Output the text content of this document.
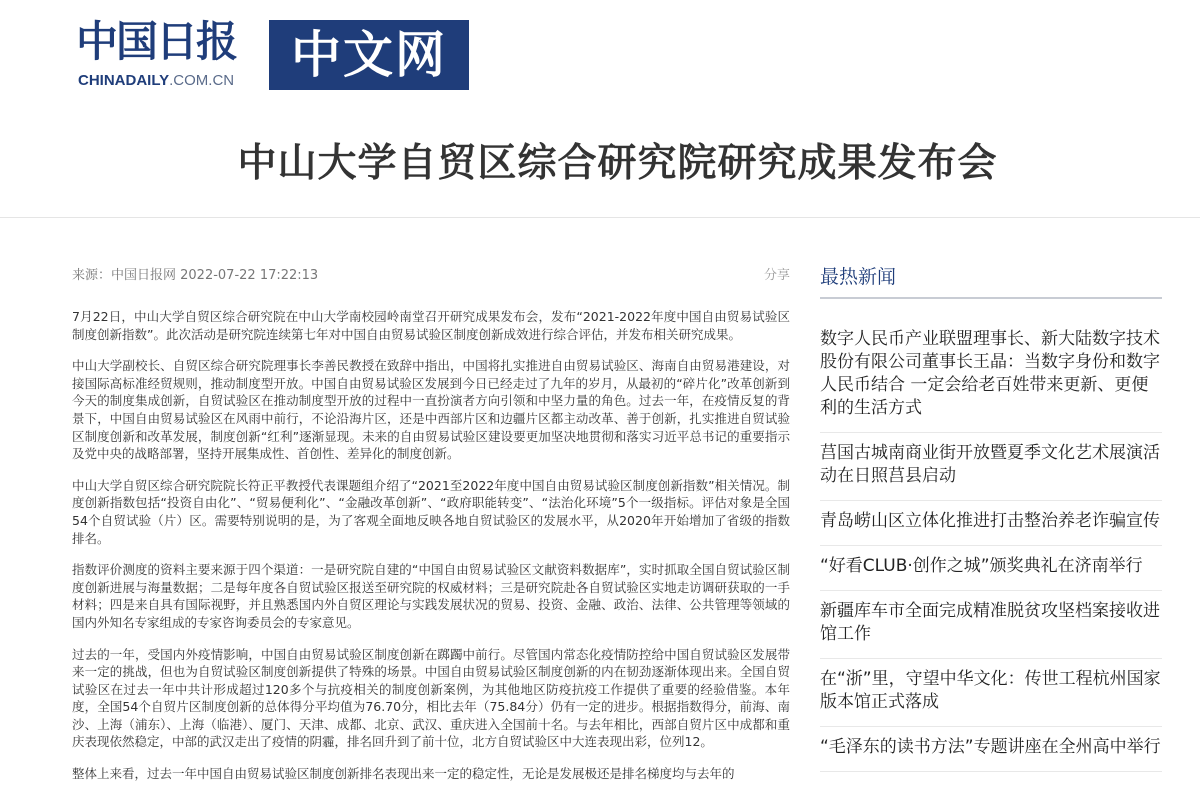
中国日报
CHINADAILY.COM.CN	中文网
中山大学自贸区综合研究院研究成果发布会
来源：中国日报网 2022-07-22 17:22:13	分享

7月22日，中山大学自贸区综合研究院在中山大学南校园岭南堂召开研究成果发布会，发布“2021-2022年度中国自由贸易试验区制度创新指数”。此次活动是研究院连续第七年对中国自由贸易试验区制度创新成效进行综合评估，并发布相关研究成果。

中山大学副校长、自贸区综合研究院理事长李善民教授在致辞中指出，中国将扎实推进自由贸易试验区、海南自由贸易港建设，对接国际高标准经贸规则，推动制度型开放。中国自由贸易试验区发展到今日已经走过了九年的岁月，从最初的“碎片化”改革创新到今天的制度集成创新，自贸试验区在推动制度型开放的过程中一直扮演者方向引领和中坚力量的角色。过去一年，在疫情反复的背景下，中国自由贸易试验区在风雨中前行，不论沿海片区，还是中西部片区和边疆片区都主动改革、善于创新，扎实推进自贸试验区制度创新和改革发展，制度创新“红利”逐渐显现。未来的自由贸易试验区建设要更加坚决地贯彻和落实习近平总书记的重要指示及党中央的战略部署，坚持开展集成性、首创性、差异化的制度创新。

中山大学自贸区综合研究院院长符正平教授代表课题组介绍了“2021至2022年度中国自由贸易试验区制度创新指数”相关情况。制度创新指数包括“投资自由化”、“贸易便利化”、“金融改革创新”、“政府职能转变”、“法治化环境”5个一级指标。评估对象是全国54个自贸试验（片）区。需要特别说明的是，为了客观全面地反映各地自贸试验区的发展水平，从2020年开始增加了省级的指数排名。

指数评价测度的资料主要来源于四个渠道：一是研究院自建的“中国自由贸易试验区文献资料数据库”，实时抓取全国自贸试验区制度创新进展与海量数据；二是每年度各自贸试验区报送至研究院的权威材料；三是研究院赴各自贸试验区实地走访调研获取的一手材料；四是来自具有国际视野，并且熟悉国内外自贸区理论与实践发展状况的贸易、投资、金融、政治、法律、公共管理等领域的国内外知名专家组成的专家咨询委员会的专家意见。

过去的一年，受国内外疫情影响，中国自由贸易试验区制度创新在踯躅中前行。尽管国内常态化疫情防控给中国自贸试验区发展带来一定的挑战，但也为自贸试验区制度创新提供了特殊的场景。中国自由贸易试验区制度创新的内在韧劲逐渐体现出来。全国自贸试验区在过去一年中共计形成超过120多个与抗疫相关的制度创新案例，为其他地区防疫抗疫工作提供了重要的经验借鉴。本年度，全国54个自贸片区制度创新的总体得分平均值为76.70分，相比去年（75.84分）仍有一定的进步。根据指数得分，前海、南沙、上海（浦东）、上海（临港）、厦门、天津、成都、北京、武汉、重庆进入全国前十名。与去年相比，西部自贸片区中成都和重庆表现依然稳定，中部的武汉走出了疫情的阴霾，排名回升到了前十位，北方自贸试验区中大连表现出彩，位列12。

整体上来看，过去一年中国自由贸易试验区制度创新排名表现出来一定的稳定性，无论是发展极还是排名梯度均与去年的

最热新闻
数字人民币产业联盟理事长、新大陆数字技术股份有限公司董事长王晶：当数字身份和数字人民币结合 一定会给老百姓带来更新、更便利的生活方式
莒国古城南商业街开放暨夏季文化艺术展演活动在日照莒县启动
青岛崂山区立体化推进打击整治养老诈骗宣传
“好看CLUB·创作之城”颁奖典礼在济南举行
新疆库车市全面完成精准脱贫攻坚档案接收进馆工作
在“浙”里，守望中华文化：传世工程杭州国家版本馆正式落成
“毛泽东的读书方法”专题讲座在全州高中举行
